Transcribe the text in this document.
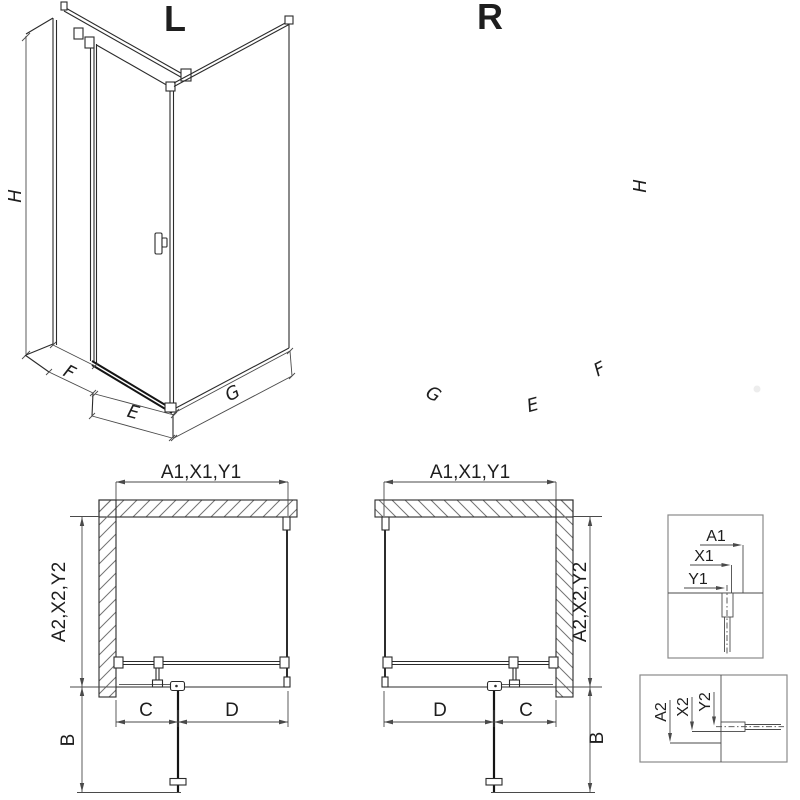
L
H
F
E
G
R
H
G	E
F
A1,X1,Y1
A2,X2,Y2
C	D
B
A1,X1,Y1
A2,X2,Y2
D	C
B
A1
X1
Y1
A2 X2 Y2
